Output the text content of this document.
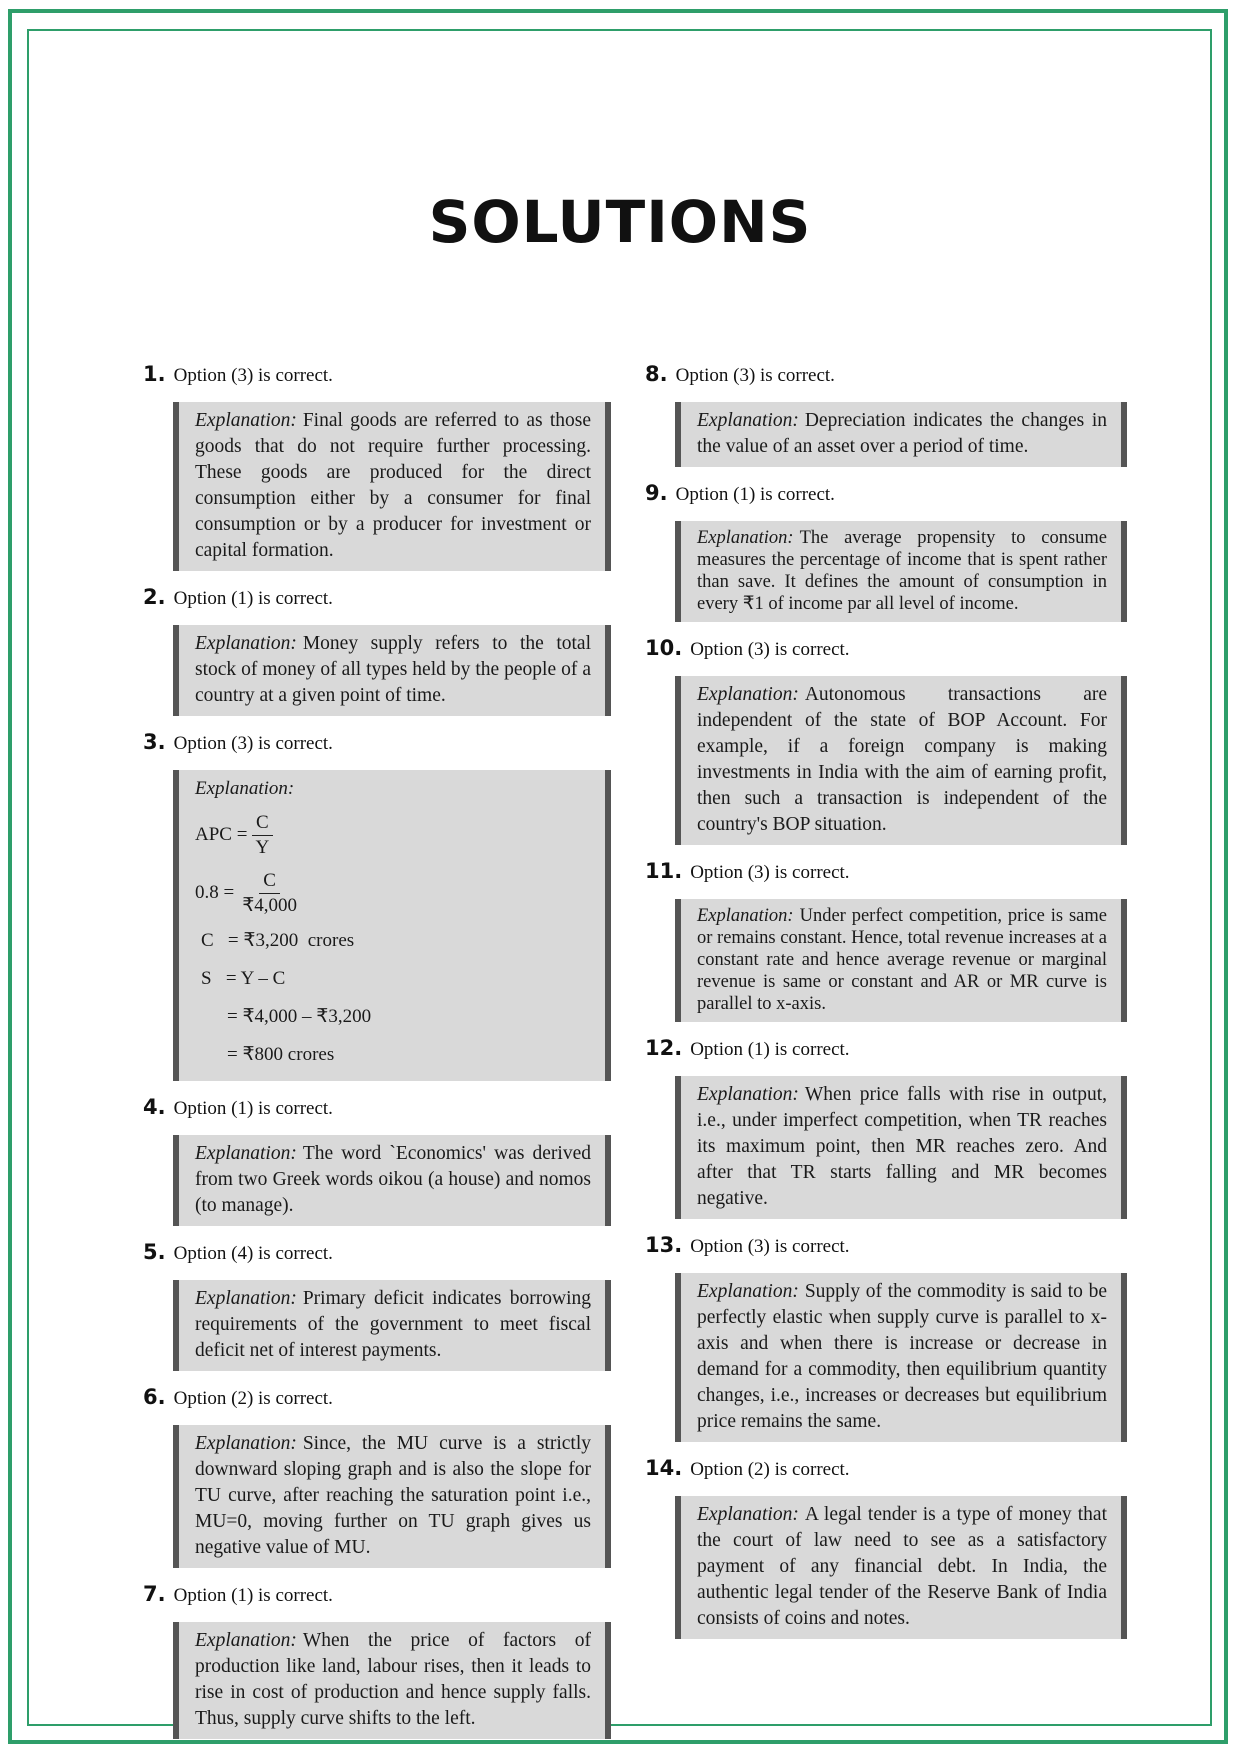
SOLUTIONS
1. Option (3) is correct.
Explanation: Final goods are referred to as those goods that do not require further processing. These goods are produced for the direct consumption either by a consumer for final consumption or by a producer for investment or capital formation.
2. Option (1) is correct.
Explanation: Money supply refers to the total stock of money of all types held by the people of a country at a given point of time.
3. Option (3) is correct.
Explanation:
APC = $\frac{C}{Y}$
$0.8 = \frac{C}{₹4,000}$
C   = ₹3,200  crores
S   = Y – C
= ₹4,000 – ₹3,200
= ₹800 crores
4. Option (1) is correct.
Explanation: The word `Economics' was derived from two Greek words oikou (a house) and nomos (to manage).
5. Option (4) is correct.
Explanation: Primary deficit indicates borrowing requirements of the government to meet fiscal deficit net of interest payments.
6. Option (2) is correct.
Explanation: Since, the MU curve is a strictly downward sloping graph and is also the slope for TU curve, after reaching the saturation point i.e., MU=0, moving further on TU graph gives us negative value of MU.
7. Option (1) is correct.
Explanation: When the price of factors of production like land, labour rises, then it leads to rise in cost of production and hence supply falls. Thus, supply curve shifts to the left.
8. Option (3) is correct.
Explanation: Depreciation indicates the changes in the value of an asset over a period of time.
9. Option (1) is correct.
Explanation: The average propensity to consume measures the percentage of income that is spent rather than save. It defines the amount of consumption in every ₹1 of income par all level of income.
10. Option (3) is correct.
Explanation: Autonomous transactions are independent of the state of BOP Account. For example, if a foreign company is making investments in India with the aim of earning profit, then such a transaction is independent of the country's BOP situation.
11. Option (3) is correct.
Explanation: Under perfect competition, price is same or remains constant. Hence, total revenue increases at a constant rate and hence average revenue or marginal revenue is same or constant and AR or MR curve is parallel to x-axis.
12. Option (1) is correct.
Explanation: When price falls with rise in output, i.e., under imperfect competition, when TR reaches its maximum point, then MR reaches zero. And after that TR starts falling and MR becomes negative.
13. Option (3) is correct.
Explanation: Supply of the commodity is said to be perfectly elastic when supply curve is parallel to x-axis and when there is increase or decrease in demand for a commodity, then equilibrium quantity changes, i.e., increases or decreases but equilibrium price remains the same.
14. Option (2) is correct.
Explanation: A legal tender is a type of money that the court of law need to see as a satisfactory payment of any financial debt. In India, the authentic legal tender of the Reserve Bank of India consists of coins and notes.
